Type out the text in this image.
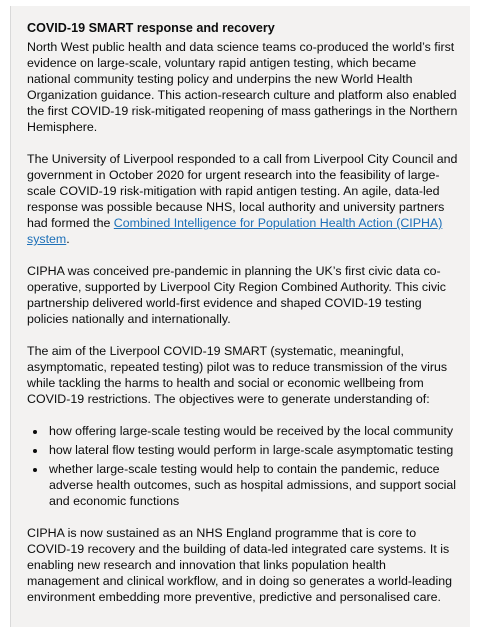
COVID-19 SMART response and recovery

North West public health and data science teams co-produced the world’s first evidence on large-scale, voluntary rapid antigen testing, which became national community testing policy and underpins the new World Health Organization guidance. This action-research culture and platform also enabled the first COVID-19 risk-mitigated reopening of mass gatherings in the Northern Hemisphere.

The University of Liverpool responded to a call from Liverpool City Council and government in October 2020 for urgent research into the feasibility of large-scale COVID-19 risk-mitigation with rapid antigen testing. An agile, data-led response was possible because NHS, local authority and university partners had formed the Combined Intelligence for Population Health Action (CIPHA) system.

CIPHA was conceived pre-pandemic in planning the UK’s first civic data co-operative, supported by Liverpool City Region Combined Authority. This civic partnership delivered world-first evidence and shaped COVID-19 testing policies nationally and internationally.

The aim of the Liverpool COVID-19 SMART (systematic, meaningful, asymptomatic, repeated testing) pilot was to reduce transmission of the virus while tackling the harms to health and social or economic wellbeing from COVID-19 restrictions. The objectives were to generate understanding of:

• how offering large-scale testing would be received by the local community
• how lateral flow testing would perform in large-scale asymptomatic testing
• whether large-scale testing would help to contain the pandemic, reduce adverse health outcomes, such as hospital admissions, and support social and economic functions

CIPHA is now sustained as an NHS England programme that is core to COVID-19 recovery and the building of data-led integrated care systems. It is enabling new research and innovation that links population health management and clinical workflow, and in doing so generates a world-leading environment embedding more preventive, predictive and personalised care.
